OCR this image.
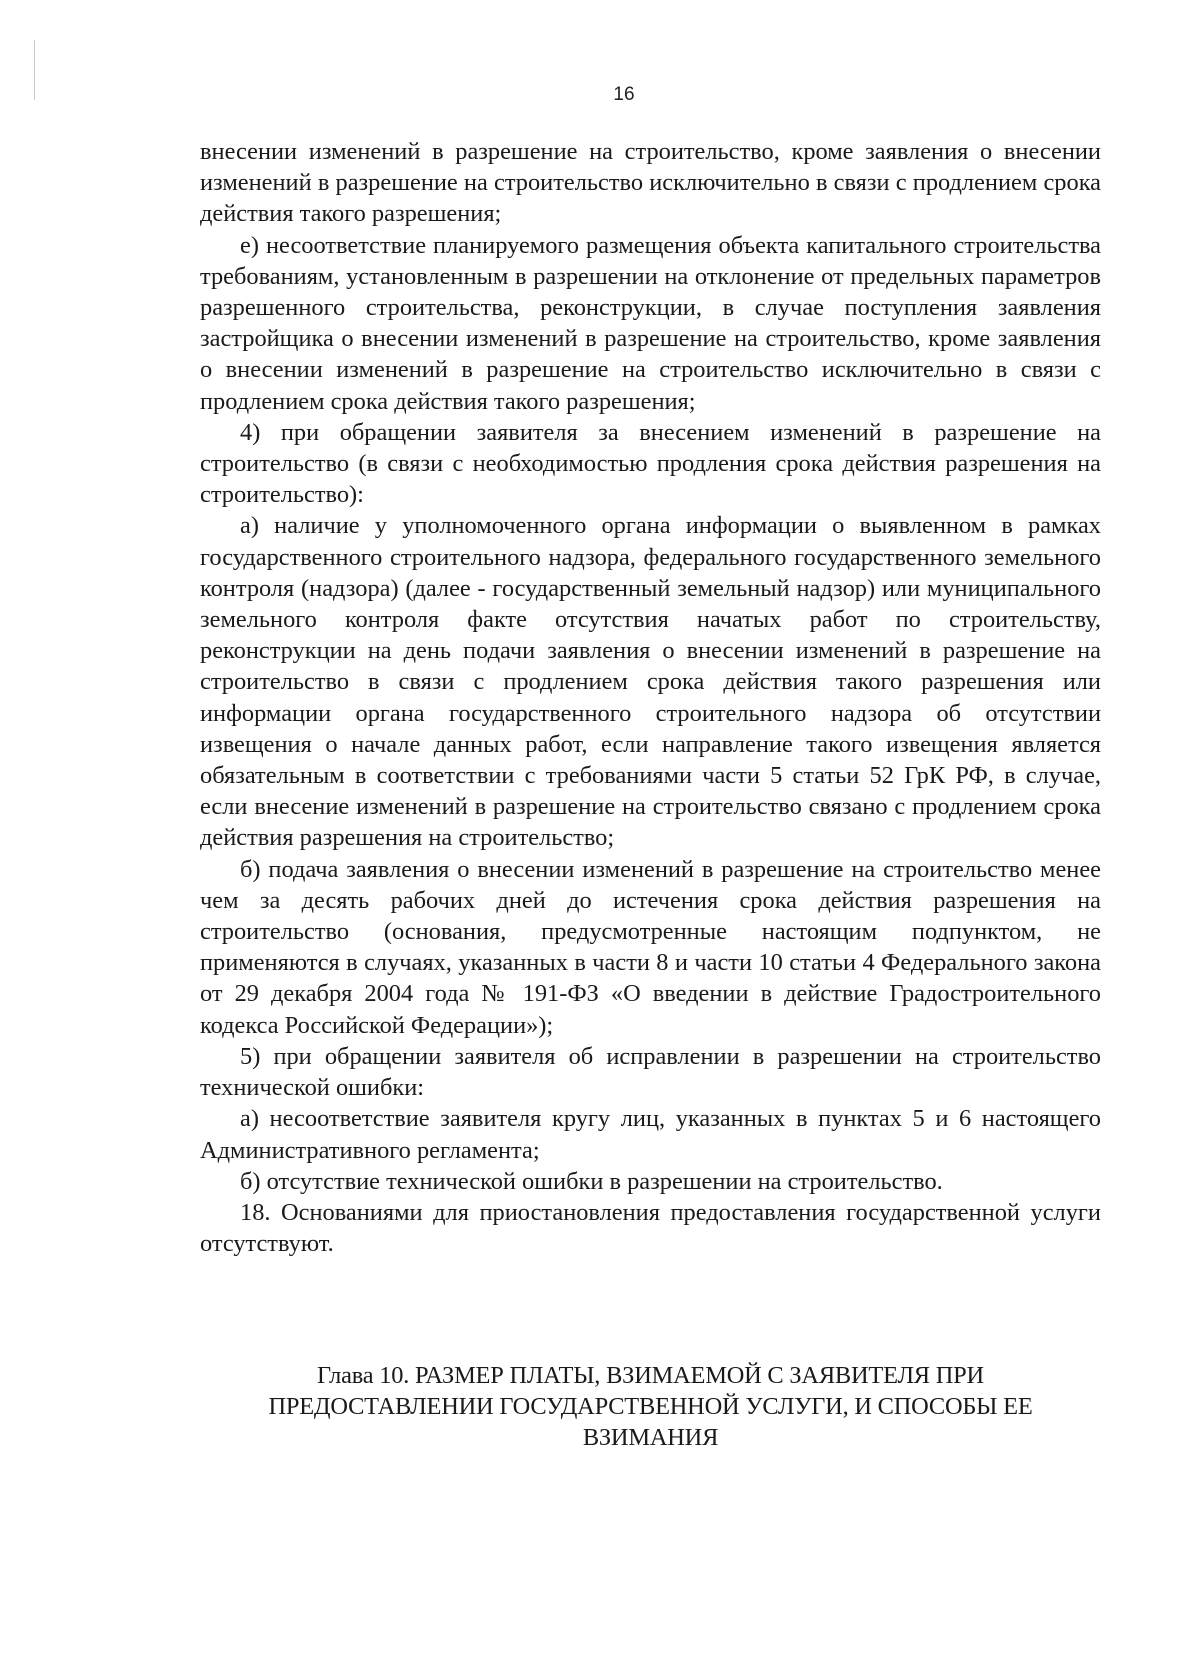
16

внесении изменений в разрешение на строительство, кроме заявления о внесении изменений в разрешение на строительство исключительно в связи с продлением срока действия такого разрешения;

е) несоответствие планируемого размещения объекта капитального строительства требованиям, установленным в разрешении на отклонение от предельных параметров разрешенного строительства, реконструкции, в случае поступления заявления застройщика о внесении изменений в разрешение на строительство, кроме заявления о внесении изменений в разрешение на строительство исключительно в связи с продлением срока действия такого разрешения;

4) при обращении заявителя за внесением изменений в разрешение на строительство (в связи с необходимостью продления срока действия разрешения на строительство):

а) наличие у уполномоченного органа информации о выявленном в рамках государственного строительного надзора, федерального государственного земельного контроля (надзора) (далее - государственный земельный надзор) или муниципального земельного контроля факте отсутствия начатых работ по строительству, реконструкции на день подачи заявления о внесении изменений в разрешение на строительство в связи с продлением срока действия такого разрешения или информации органа государственного строительного надзора об отсутствии извещения о начале данных работ, если направление такого извещения является обязательным в соответствии с требованиями части 5 статьи 52 ГрК РФ, в случае, если внесение изменений в разрешение на строительство связано с продлением срока действия разрешения на строительство;

б) подача заявления о внесении изменений в разрешение на строительство менее чем за десять рабочих дней до истечения срока действия разрешения на строительство (основания, предусмотренные настоящим подпунктом, не применяются в случаях, указанных в части 8 и части 10 статьи 4 Федерального закона от 29 декабря 2004 года № 191-ФЗ «О введении в действие Градостроительного кодекса Российской Федерации»);

5) при обращении заявителя об исправлении в разрешении на строительство технической ошибки:

а) несоответствие заявителя кругу лиц, указанных в пунктах 5 и 6 настоящего Административного регламента;

б) отсутствие технической ошибки в разрешении на строительство.

18. Основаниями для приостановления предоставления государственной услуги отсутствуют.

Глава 10. РАЗМЕР ПЛАТЫ, ВЗИМАЕМОЙ С ЗАЯВИТЕЛЯ ПРИ
ПРЕДОСТАВЛЕНИИ ГОСУДАРСТВЕННОЙ УСЛУГИ, И СПОСОБЫ ЕЕ
ВЗИМАНИЯ
